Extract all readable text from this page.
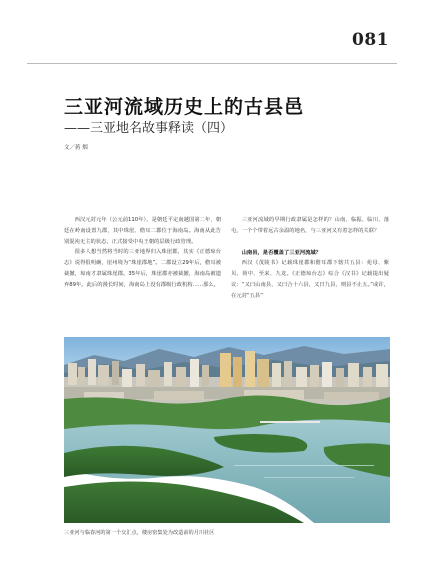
081
三亚河流域历史上的古县邑
——三亚地名故事释读（四）
文／蒋 烟

西汉元封元年（公元前110年），是朝廷平定南越国第二年，朝廷在岭南设置九郡，其中珠崖、儋耳二郡位于海南岛。海南从此告别混沌无主的状态，正式接受中央王朝的层级行政管理。

很多人想当然将当时的三亚地界归入珠崖郡，其实《正德琼台志》说得很明确，崖州境为“珠崖郡地”。二郡设立29年后，儋耳被裁撤，琼南才隶属珠崖郡。35年后，珠崖郡亦被裁撤，海南岛被遗弃89年。此后的漫长时间，海南岛上没有郡级行政机构……那么，

三亚河流域的早期行政隶属是怎样的？山南、临振、临川、落屯，一个个带着远古余温的地名，与三亚河又有着怎样的关联？

山南县，是否覆盖了三亚河流域？

西汉《茂陵书》记载珠崖郡和儋耳郡下辖共五县：苑母、紫贝、荷中、至来、九龙。《正德琼台志》综合《汉书》记载提出疑议：“又曰山南县，又曰合十六县，又曰九县，则县不止五。”或许，在元封“五县”

三亚河与临春河的第一个交汇点，楼房密集处为改造前的月川社区
